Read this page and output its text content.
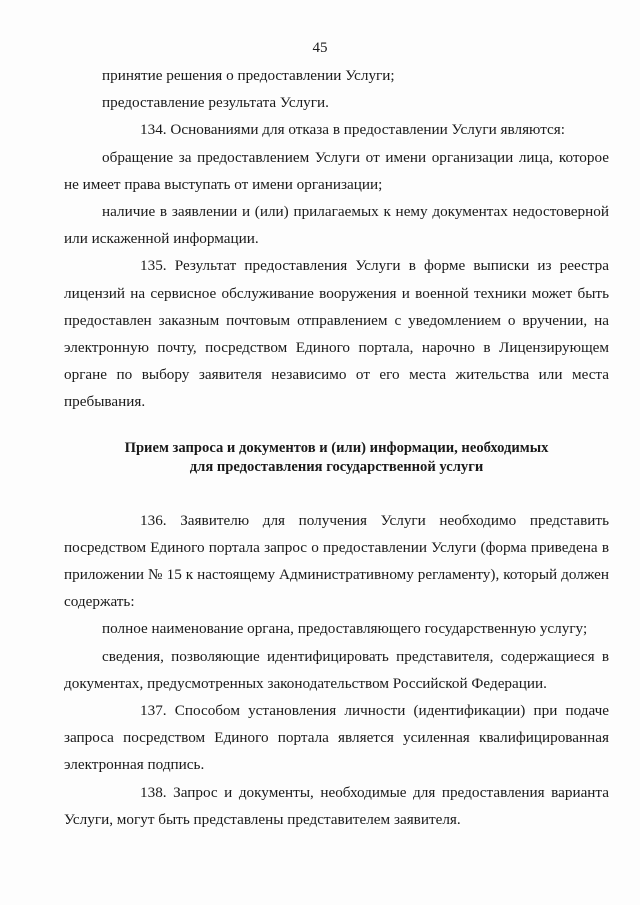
45

принятие решения о предоставлении Услуги;

предоставление результата Услуги.

134. Основаниями для отказа в предоставлении Услуги являются:

обращение за предоставлением Услуги от имени организации лица, которое не имеет права выступать от имени организации;

наличие в заявлении и (или) прилагаемых к нему документах недостоверной или искаженной информации.

135. Результат предоставления Услуги в форме выписки из реестра лицензий на сервисное обслуживание вооружения и военной техники может быть предоставлен заказным почтовым отправлением с уведомлением о вручении, на электронную почту, посредством Единого портала, нарочно в Лицензирующем органе по выбору заявителя независимо от его места жительства или места пребывания.

Прием запроса и документов и (или) информации, необходимых

для предоставления государственной услуги

136. Заявителю для получения Услуги необходимо представить посредством Единого портала запрос о предоставлении Услуги (форма приведена в приложении № 15 к настоящему Административному регламенту), который должен содержать:

полное наименование органа, предоставляющего государственную услугу;

сведения, позволяющие идентифицировать представителя, содержащиеся в документах, предусмотренных законодательством Российской Федерации.

137. Способом установления личности (идентификации) при подаче запроса посредством Единого портала является усиленная квалифицированная электронная подпись.

138. Запрос и документы, необходимые для предоставления варианта Услуги, могут быть представлены представителем заявителя.
